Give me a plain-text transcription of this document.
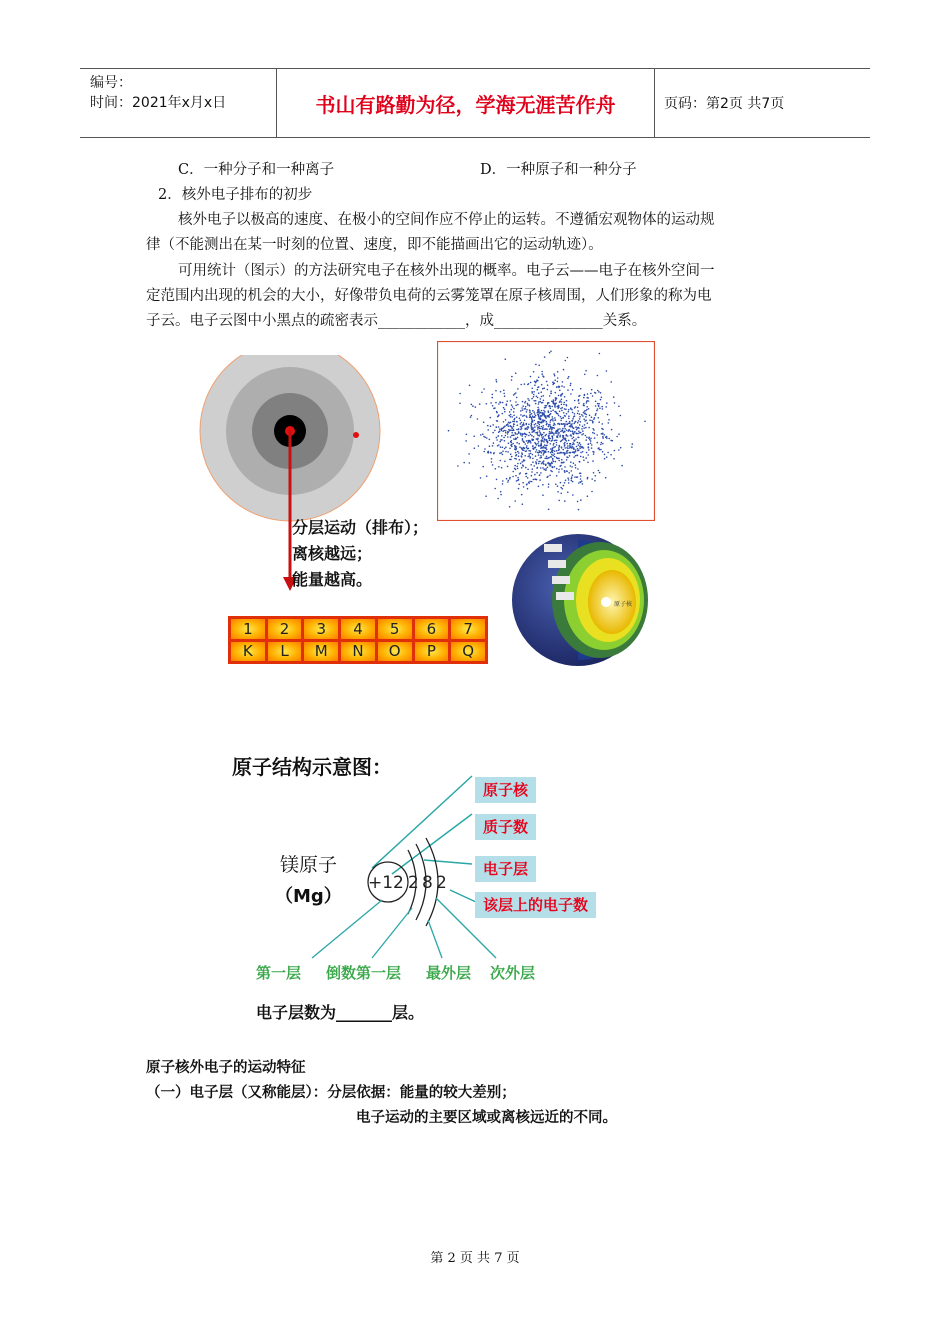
编号：
时间：2021年x月x日	书山有路勤为径，学海无涯苦作舟	页码：第2页 共7页
C．一种分子和一种离子	D．一种原子和一种分子
2．核外电子排布的初步
核外电子以极高的速度、在极小的空间作应不停止的运转。不遵循宏观物体的运动规
律（不能测出在某一时刻的位置、速度，即不能描画出它的运动轨迹）。
可用统计（图示）的方法研究电子在核外出现的概率。电子云——电子在核外空间一
定范围内出现的机会的大小，好像带负电荷的云雾笼罩在原子核周围，人们形象的称为电
子云。电子云图中小黑点的疏密表示____________，成_______________关系。
分层运动（排布）；
离核越远；
能量越高。
1	2	3	4	5	6	7
K	L	M	N	O	P	Q
原子核
原子结构示意图：
镁原子
（Mg）
+12 2 8 2
原子核
质子数
电子层
该层上的电子数
第一层 倒数第一层 最外层 次外层
电子层数为_______层。
原子核外电子的运动特征
（一）电子层（又称能层）：分层依据：能量的较大差别；
电子运动的主要区域或离核远近的不同。
第 2 页 共 7 页
